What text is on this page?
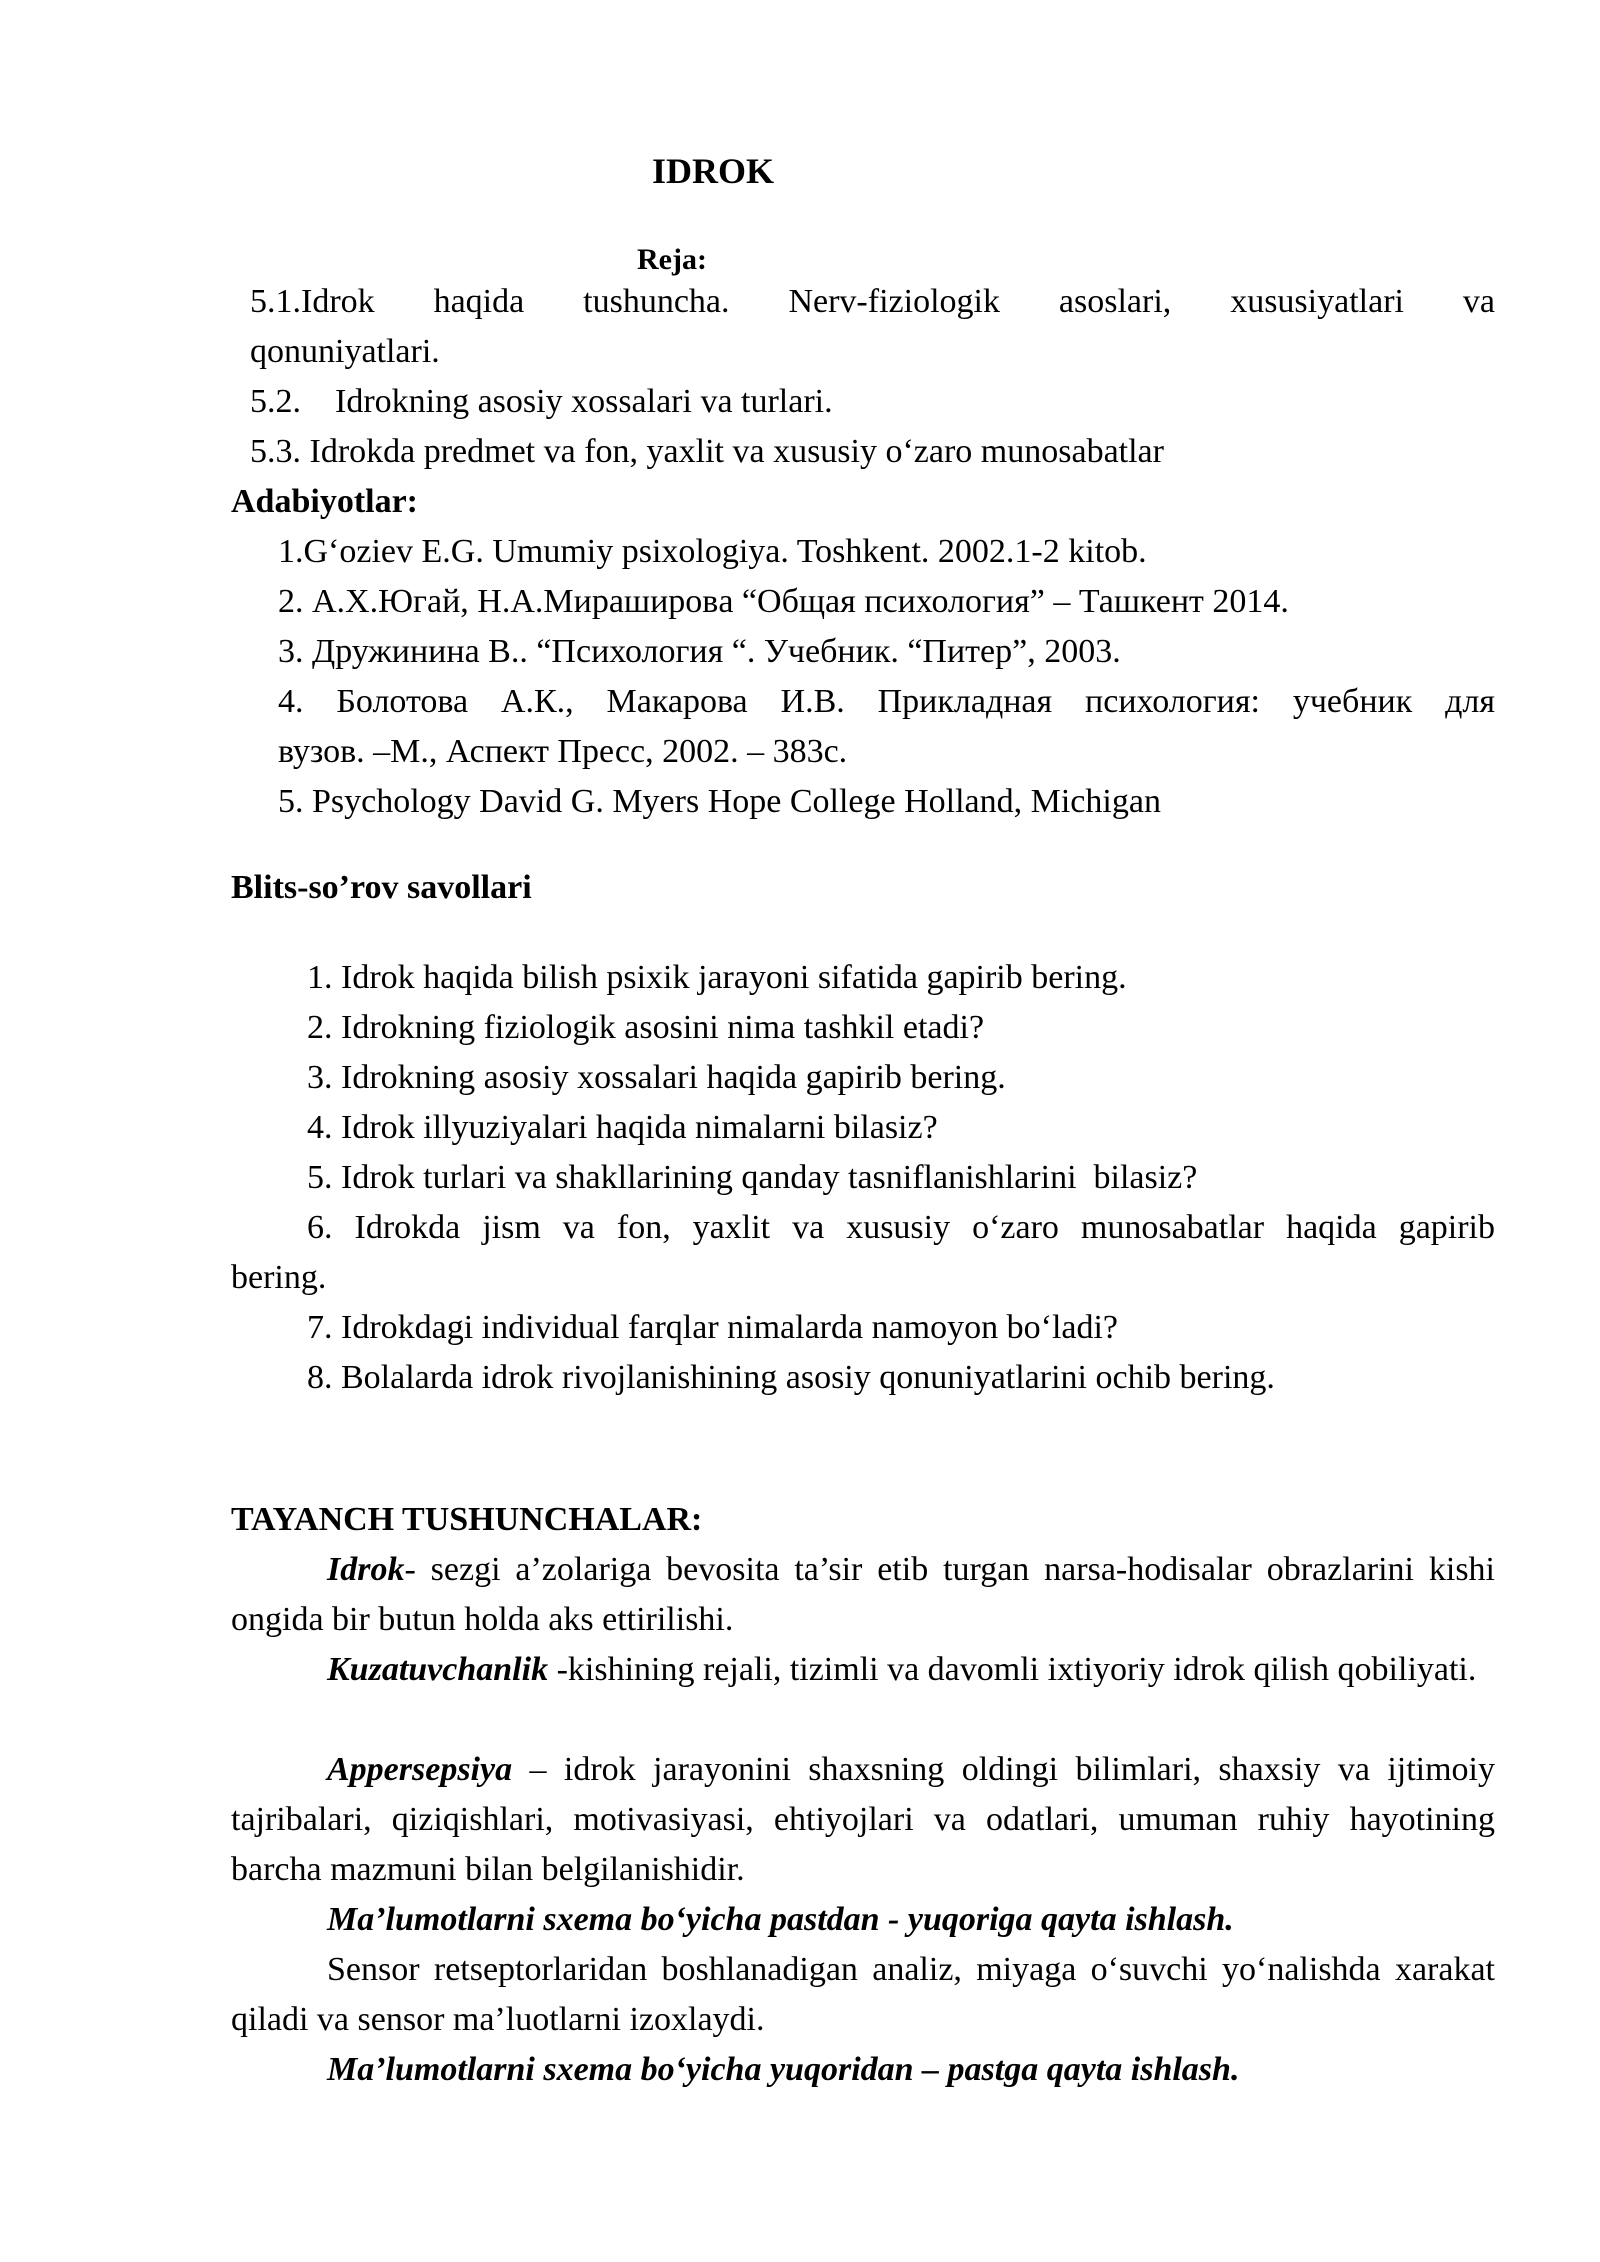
IDROK
Reja:
5.1.Idrok haqida tushuncha. Nerv-fiziologik asoslari, xususiyatlari va
qonuniyatlari.
5.2.    Idrokning asosiy xossalari va turlari.
5.3. Idrokda predmet va fon, yaxlit va xususiy o‘zaro munosabatlar
Adabiyotlar:
1.G‘oziev E.G. Umumiy psixologiya. Toshkent. 2002.1-2 kitob.
2. А.Х.Югай, Н.А.Мирашировa “Общая психология” – Ташкент 2014.
3. Дружинина В.. “Психология “. Учебник. “Питер”, 2003.
4. Болотова А.К., Макарова И.В. Прикладная психология: учебник для
вузов. –М., Аспект Пресс, 2002. – 383с.
5. Psychology David G. Myers Hope College Holland, Michigan
Blits-so’rov savollari
1. Idrok haqida bilish psixik jarayoni sifatida gapirib bering.
2. Idrokning fiziologik asosini nima tashkil etadi?
3. Idrokning asosiy xossalari haqida gapirib bering.
4. Idrok illyuziyalari haqida nimalarni bilasiz?
5. Idrok turlari va shakllarining qanday tasniflanishlarini  bilasiz?
6. Idrokda jism va fon, yaxlit va xususiy o‘zaro munosabatlar haqida gapirib
bering.
7. Idrokdagi individual farqlar nimalarda namoyon bo‘ladi?
8. Bolalarda idrok rivojlanishining asosiy qonuniyatlarini ochib bering.
TAYANCH TUSHUNCHALAR:
Idrok- sezgi a’zolariga bevosita ta’sir etib turgan narsa-hodisalar obrazlarini kishi ongida bir butun holda aks ettirilishi.
Kuzatuvchanlik -kishining rejali, tizimli va davomli ixtiyoriy idrok qilish qobiliyati.
Appersepsiya – idrok jarayonini shaxsning oldingi bilimlari, shaxsiy va ijtimoiy tajribalari, qiziqishlari, motivasiyasi, ehtiyojlari va odatlari, umuman ruhiy hayotining barcha mazmuni bilan belgilanishidir.
Ma’lumotlarni sxema bo‘yicha pastdan - yuqoriga qayta ishlash.
Sensor retseptorlaridan boshlanadigan analiz, miyaga o‘suvchi yo‘nalishda xarakat qiladi va sensor ma’luotlarni izoxlaydi.
Ma’lumotlarni sxema bo‘yicha yuqoridan – pastga qayta ishlash.
